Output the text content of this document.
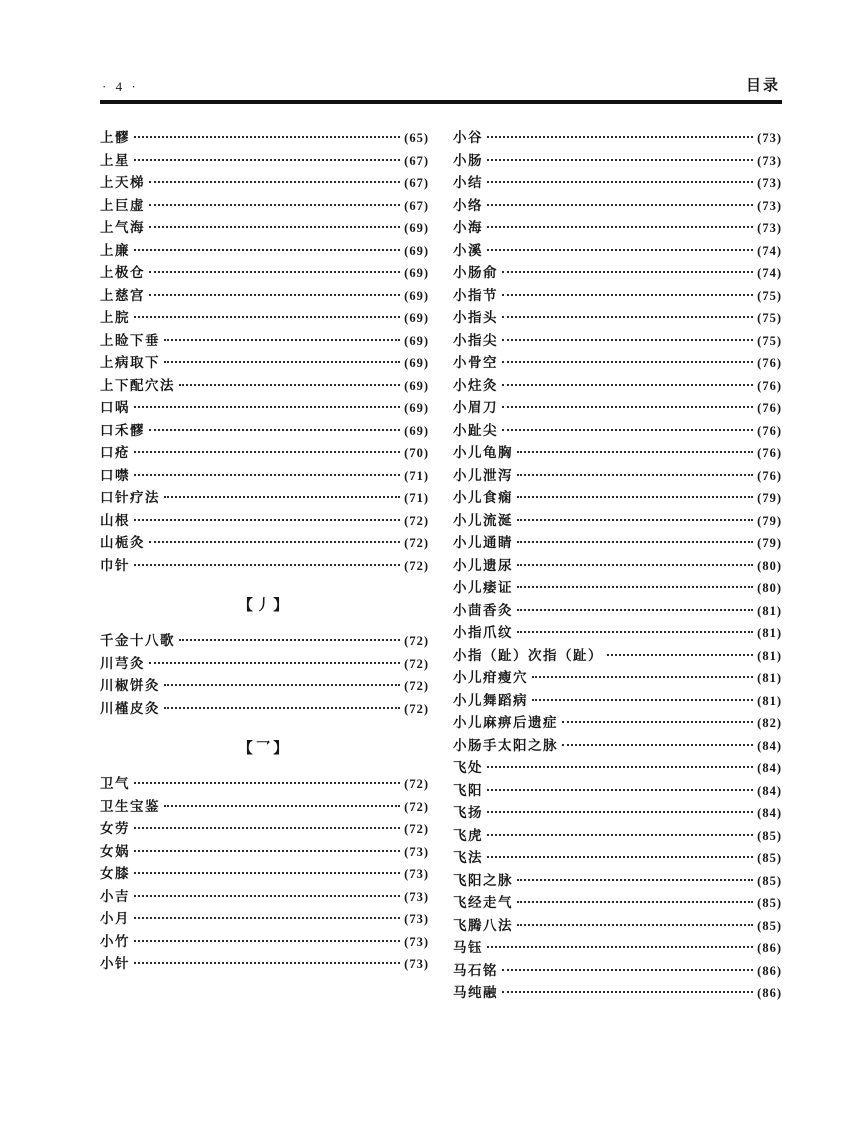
· 4 ·	目录
上髎	(65)
上星	(67)
上天梯	(67)
上巨虚	(67)
上气海	(69)
上廉	(69)
上极仓	(69)
上慈宫	(69)
上脘	(69)
上睑下垂	(69)
上病取下	(69)
上下配穴法	(69)
口㖞	(69)
口禾髎	(69)
口疮	(70)
口噤	(71)
口针疗法	(71)
山根	(72)
山栀灸	(72)
巾针	(72)
【丿】
千金十八歌	(72)
川芎灸	(72)
川椒饼灸	(72)
川槿皮灸	(72)
【乛】
卫气	(72)
卫生宝鉴	(72)
女劳	(72)
女娲	(73)
女膝	(73)
小吉	(73)
小月	(73)
小竹	(73)
小针	(73)
小谷	(73)
小肠	(73)
小结	(73)
小络	(73)
小海	(73)
小溪	(74)
小肠俞	(74)
小指节	(75)
小指头	(75)
小指尖	(75)
小骨空	(76)
小炷灸	(76)
小眉刀	(76)
小趾尖	(76)
小儿龟胸	(76)
小儿泄泻	(76)
小儿食痫	(79)
小儿流涎	(79)
小儿通睛	(79)
小儿遗尿	(80)
小儿痿证	(80)
小茴香灸	(81)
小指爪纹	(81)
小指（趾）次指（趾）	(81)
小儿疳瘦穴	(81)
小儿舞蹈病	(81)
小儿麻痹后遗症	(82)
小肠手太阳之脉	(84)
飞处	(84)
飞阳	(84)
飞扬	(84)
飞虎	(85)
飞法	(85)
飞阳之脉	(85)
飞经走气	(85)
飞腾八法	(85)
马钰	(86)
马石铭	(86)
马纯融	(86)
